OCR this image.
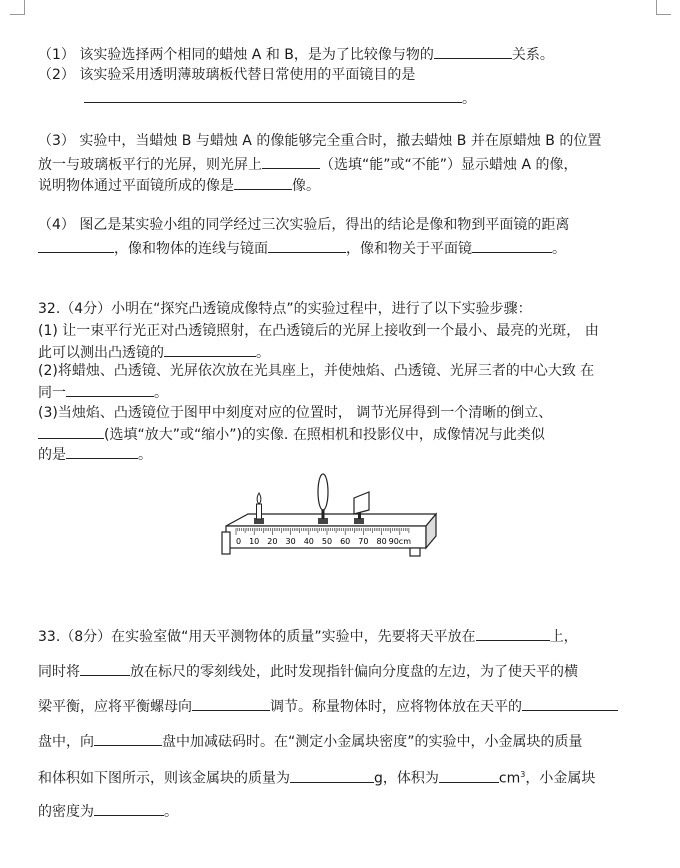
（1） 该实验选择两个相同的蜡烛 A 和 B，是为了比较像与物的	关系。
（2） 该实验采用透明薄玻璃板代替日常使用的平面镜目的是
。
（3） 实验中，当蜡烛 B 与蜡烛 A 的像能够完全重合时，撤去蜡烛 B 并在原蜡烛 B 的位置
放一与玻璃板平行的光屏，则光屏上	（选填“能”或“不能”）显示蜡烛 A 的像，
说明物体通过平面镜所成的像是	像。
（4） 图乙是某实验小组的同学经过三次实验后，得出的结论是像和物到平面镜的距离
，像和物体的连线与镜面	，像和物关于平面镜	。
32.（4分）小明在“探究凸透镜成像特点”的实验过程中，进行了以下实验步骤：
(1) 让一束平行光正对凸透镜照射，在凸透镜后的光屏上接收到一个最小、最亮的光斑， 由
此可以测出凸透镜的	。
(2)将蜡烛、凸透镜、光屏依次放在光具座上，并使烛焰、凸透镜、光屏三者的中心大致 在
同一	。
(3)当烛焰、凸透镜位于图甲中刻度对应的位置时， 调节光屏得到一个清晰的倒立、
(选填“放大”或“缩小”)的实像. 在照相机和投影仪中，成像情况与此类似
的是	。
0 10 20 30 40 50 60 70 80 90cm
33.（8分）在实验室做“用天平测物体的质量”实验中，先要将天平放在	上，
同时将	放在标尺的零刻线处，此时发现指针偏向分度盘的左边，为了使天平的横
梁平衡，应将平衡螺母向	调节。称量物体时，应将物体放在天平的
盘中，向	盘中加减砝码时。在“测定小金属块密度”的实验中，小金属块的质量
和体积如下图所示，则该金属块的质量为	g，体积为	$cm^3$，小金属块
的密度为	。
